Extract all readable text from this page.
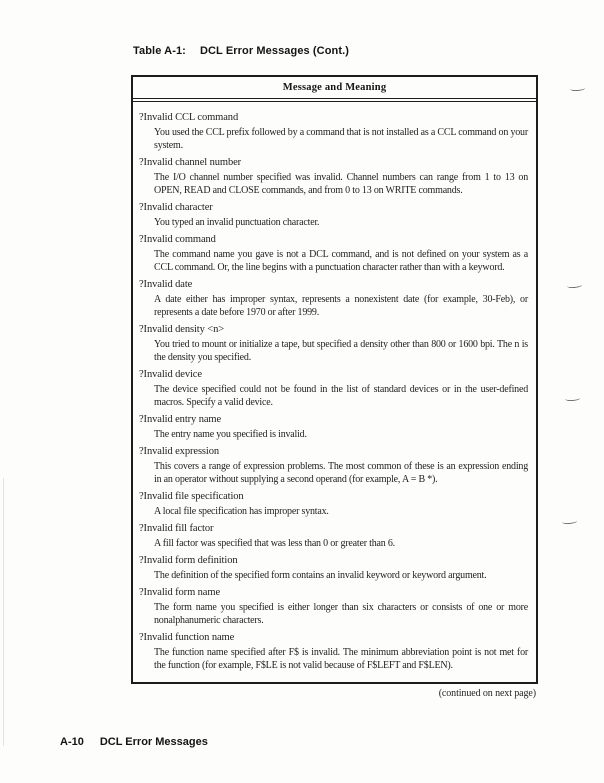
Table A-1: DCL Error Messages (Cont.)
Message and Meaning
?Invalid CCL command
You used the CCL prefix followed by a command that is not installed as a CCL command on your system.
?Invalid channel number
The I/O channel number specified was invalid. Channel numbers can range from 1 to 13 on OPEN, READ and CLOSE commands, and from 0 to 13 on WRITE commands.
?Invalid character
You typed an invalid punctuation character.
?Invalid command
The command name you gave is not a DCL command, and is not defined on your system as a CCL command. Or, the line begins with a punctuation character rather than with a keyword.
?Invalid date
A date either has improper syntax, represents a nonexistent date (for example, 30-Feb), or represents a date before 1970 or after 1999.
?Invalid density <n>
You tried to mount or initialize a tape, but specified a density other than 800 or 1600 bpi. The n is the density you specified.
?Invalid device
The device specified could not be found in the list of standard devices or in the user-defined macros. Specify a valid device.
?Invalid entry name
The entry name you specified is invalid.
?Invalid expression
This covers a range of expression problems. The most common of these is an expression ending in an operator without supplying a second operand (for example, A = B *).
?Invalid file specification
A local file specification has improper syntax.
?Invalid fill factor
A fill factor was specified that was less than 0 or greater than 6.
?Invalid form definition
The definition of the specified form contains an invalid keyword or keyword argument.
?Invalid form name
The form name you specified is either longer than six characters or consists of one or more nonalphanumeric characters.
?Invalid function name
The function name specified after F$ is invalid. The minimum abbreviation point is not met for the function (for example, F$LE is not valid because of F$LEFT and F$LEN).
(continued on next page)
A-10 DCL Error Messages
